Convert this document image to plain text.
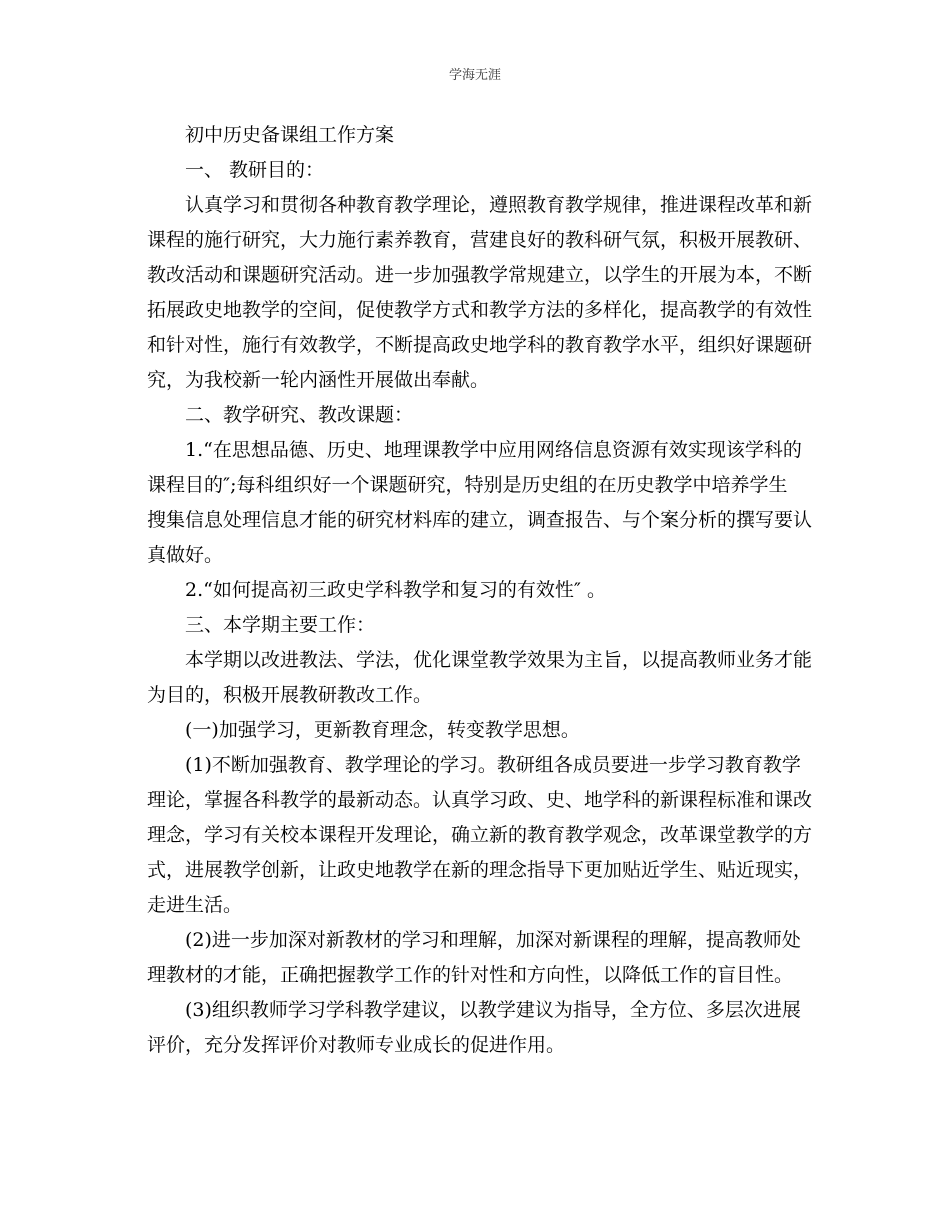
学海无涯
初中历史备课组工作方案
一、 教研目的：
认真学习和贯彻各种教育教学理论，遵照教育教学规律，推进课程改革和新
课程的施行研究，大力施行素养教育，营建良好的教科研气氛，积极开展教研、
教改活动和课题研究活动。进一步加强教学常规建立，以学生的开展为本，不断
拓展政史地教学的空间，促使教学方式和教学方法的多样化，提高教学的有效性
和针对性，施行有效教学，不断提高政史地学科的教育教学水平，组织好课题研
究，为我校新一轮内涵性开展做出奉献。
二、教学研究、教改课题：
1.“在思想品德、历史、地理课教学中应用网络信息资源有效实现该学科的
课程目的″;每科组织好一个课题研究，特别是历史组的在历史教学中培养学生
搜集信息处理信息才能的研究材料库的建立，调查报告、与个案分析的撰写要认
真做好。
2.“如何提高初三政史学科教学和复习的有效性″ 。
三、本学期主要工作：
本学期以改进教法、学法，优化课堂教学效果为主旨，以提高教师业务才能
为目的，积极开展教研教改工作。
(一)加强学习，更新教育理念，转变教学思想。
(1)不断加强教育、教学理论的学习。教研组各成员要进一步学习教育教学
理论，掌握各科教学的最新动态。认真学习政、史、地学科的新课程标准和课改
理念，学习有关校本课程开发理论，确立新的教育教学观念，改革课堂教学的方
式，进展教学创新，让政史地教学在新的理念指导下更加贴近学生、贴近现实，
走进生活。
(2)进一步加深对新教材的学习和理解，加深对新课程的理解，提高教师处
理教材的才能，正确把握教学工作的针对性和方向性，以降低工作的盲目性。
(3)组织教师学习学科教学建议，以教学建议为指导，全方位、多层次进展
评价，充分发挥评价对教师专业成长的促进作用。
